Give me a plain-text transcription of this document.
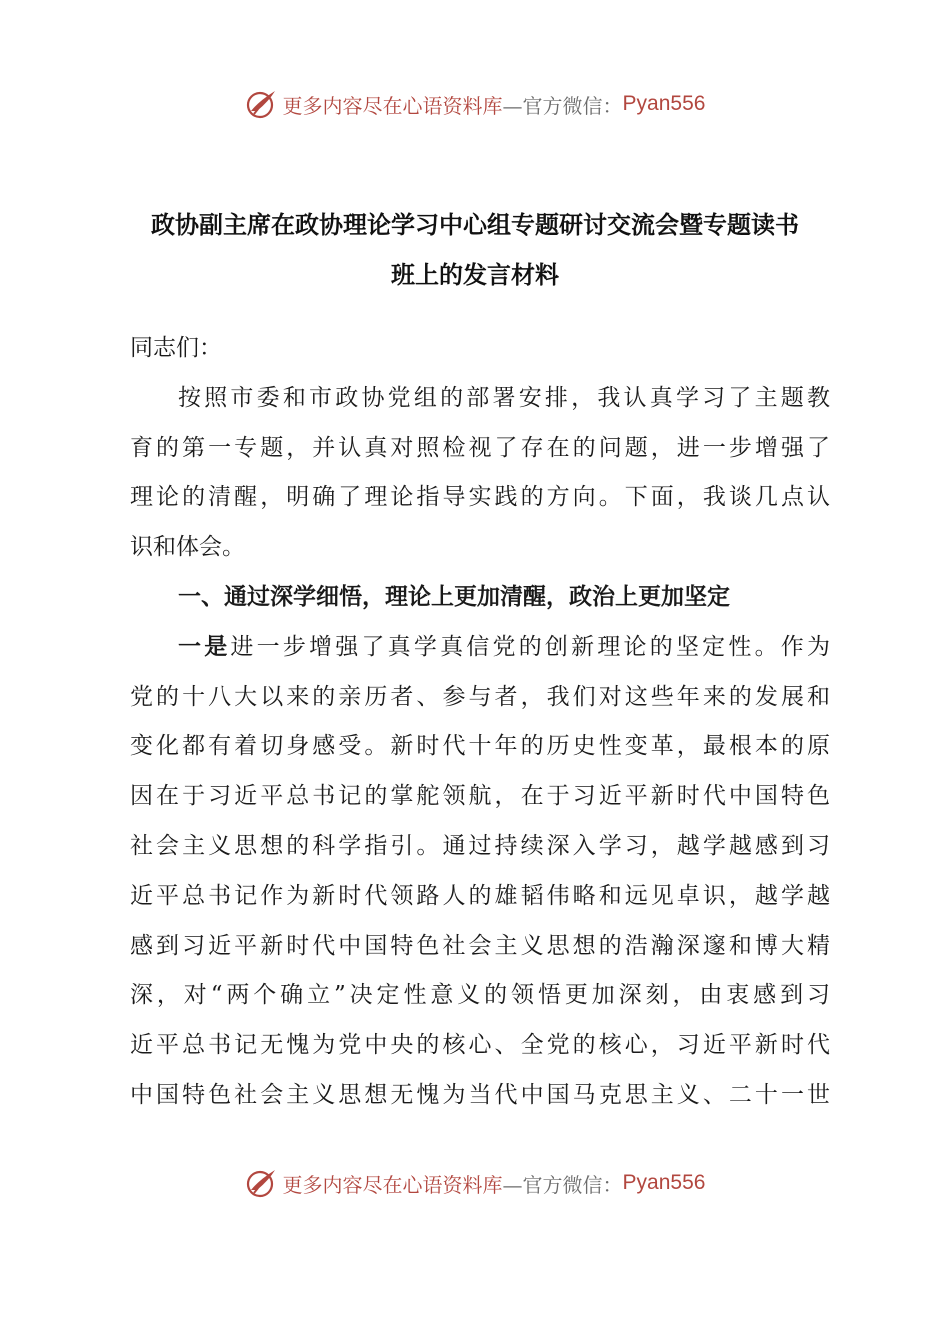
更多内容尽在心语资料库 —官方微信： Pyan556
政协副主席在政协理论学习中心组专题研讨交流会暨专题读书
班上的发言材料
同志们：
按照市委和市政协党组的部署安排，我认真学习了主题教
育的第一专题，并认真对照检视了存在的问题，进一步增强了
理论的清醒，明确了理论指导实践的方向。下面，我谈几点认
识和体会。
一、通过深学细悟，理论上更加清醒，政治上更加坚定
一是进一步增强了真学真信党的创新理论的坚定性。作为
党的十八大以来的亲历者、参与者，我们对这些年来的发展和
变化都有着切身感受。新时代十年的历史性变革，最根本的原
因在于习近平总书记的掌舵领航，在于习近平新时代中国特色
社会主义思想的科学指引。通过持续深入学习，越学越感到习
近平总书记作为新时代领路人的雄韬伟略和远见卓识，越学越
感到习近平新时代中国特色社会主义思想的浩瀚深邃和博大精
深，对“两个确立”决定性意义的领悟更加深刻，由衷感到习
近平总书记无愧为党中央的核心、全党的核心，习近平新时代
中国特色社会主义思想无愧为当代中国马克思主义、二十一世
更多内容尽在心语资料库 —官方微信： Pyan556
